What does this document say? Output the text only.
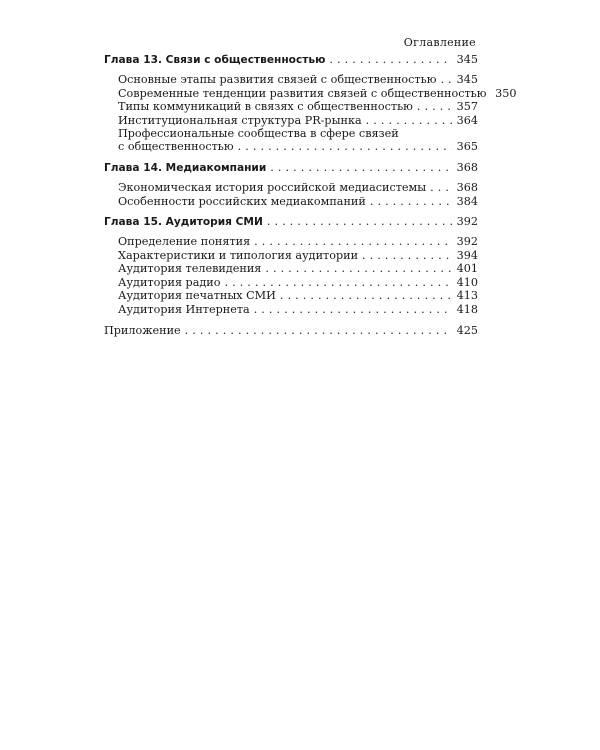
Оглавление
Глава 13. Связи с общественностью . . .	345
Основные этапы развития связей с общественностью . . . 345
Современные тенденции развития связей с общественностью 350
Типы коммуникаций в связях с общественностью . . .	357
Институциональная структура PR-рынка . . .	364
Профессиональные сообщества в сфере связей
с общественностью . . .	365
Глава 14. Медиакомпании . . .	368
Экономическая история российской медиасистемы . . .	368
Особенности российских медиакомпаний . . .	384
Глава 15. Аудитория СМИ . . .	392
Определение понятия . . .	392
Характеристики и типология аудитории . . .	394
Аудитория телевидения . . .	401
Аудитория радио . . .	410
Аудитория печатных СМИ . . .	413
Аудитория Интернета . . .	418
Приложение . . .	425
